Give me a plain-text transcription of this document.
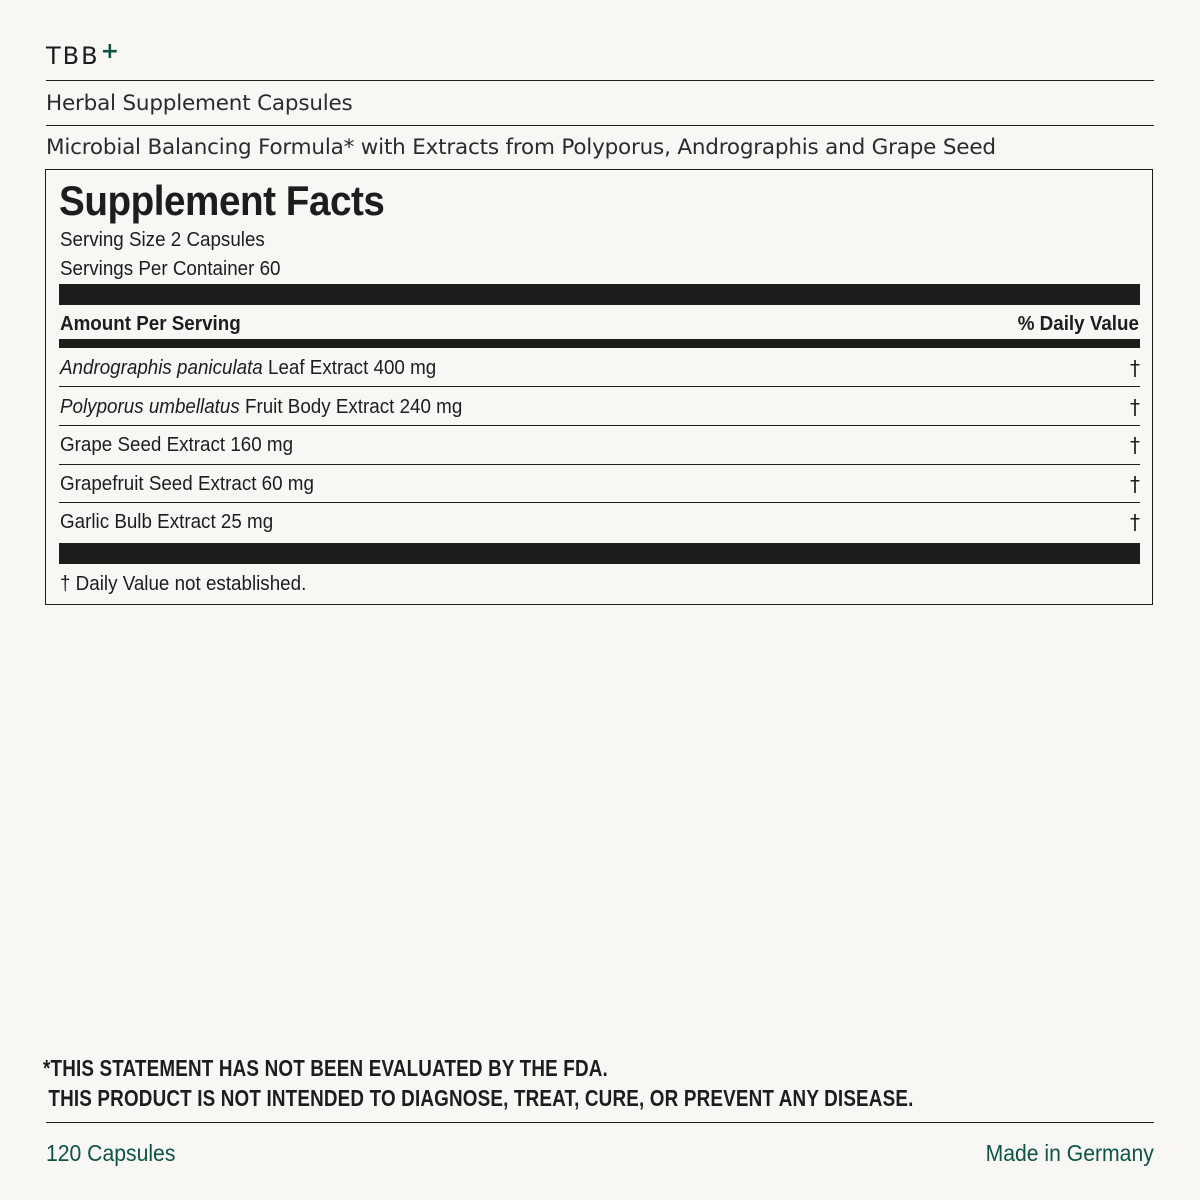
TBB+
Herbal Supplement Capsules
Microbial Balancing Formula* with Extracts from Polyporus, Andrographis and Grape Seed
Supplement Facts
Serving Size 2 Capsules
Servings Per Container 60
Amount Per Serving	% Daily Value
Andrographis paniculata Leaf Extract 400 mg	†
Polyporus umbellatus Fruit Body Extract 240 mg	†
Grape Seed Extract 160 mg	†
Grapefruit Seed Extract 60 mg	†
Garlic Bulb Extract 25 mg	†
† Daily Value not established.
*THIS STATEMENT HAS NOT BEEN EVALUATED BY THE FDA.
THIS PRODUCT IS NOT INTENDED TO DIAGNOSE, TREAT, CURE, OR PREVENT ANY DISEASE.
120 Capsules	Made in Germany
